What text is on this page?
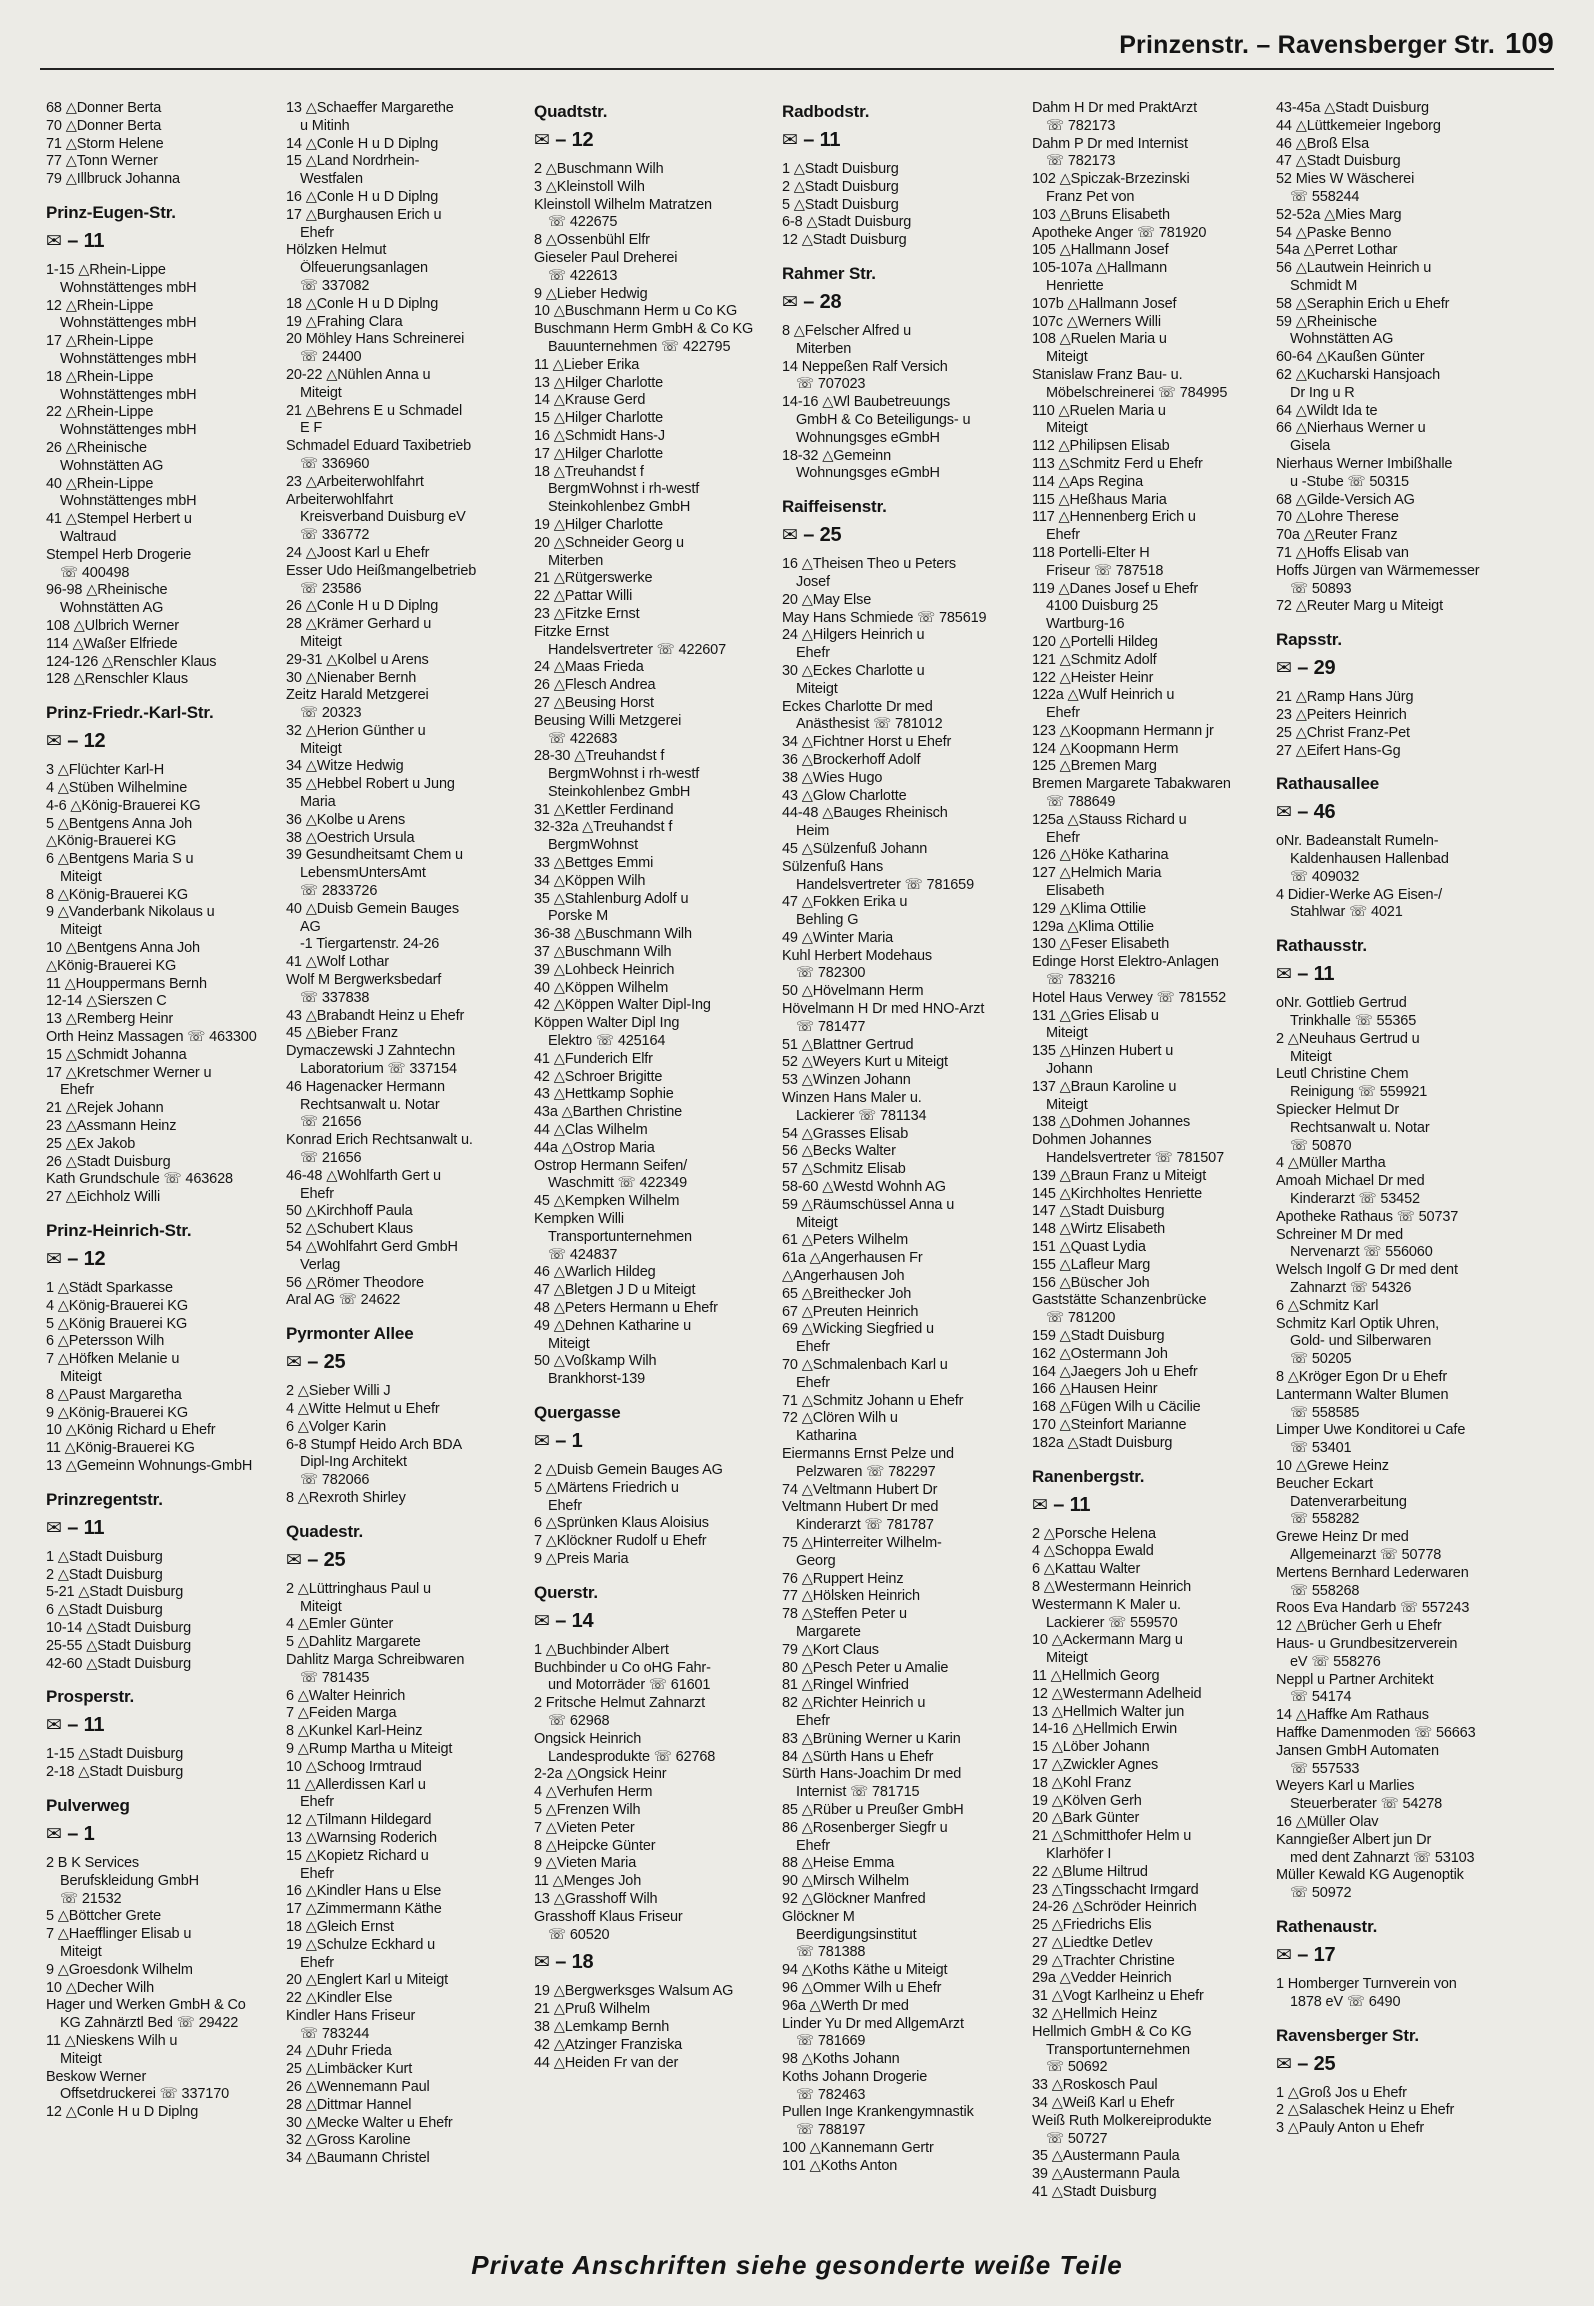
Prinzenstr. – Ravensberger Str. 109
68 △Donner Berta
70 △Donner Berta
71 △Storm Helene
77 △Tonn Werner
79 △Illbruck Johanna
Prinz-Eugen-Str.
✉ – 11
1-15 △Rhein-Lippe
Wohnstättenges mbH
12 △Rhein-Lippe
Wohnstättenges mbH
17 △Rhein-Lippe
Wohnstättenges mbH
18 △Rhein-Lippe
Wohnstättenges mbH
22 △Rhein-Lippe
Wohnstättenges mbH
26 △Rheinische
Wohnstätten AG
40 △Rhein-Lippe
Wohnstättenges mbH
41 △Stempel Herbert u
Waltraud
Stempel Herb Drogerie
☏ 400498
96-98 △Rheinische
Wohnstätten AG
108 △Ulbrich Werner
114 △Waßer Elfriede
124-126 △Renschler Klaus
128 △Renschler Klaus
Prinz-Friedr.-Karl-Str.
✉ – 12
3 △Flüchter Karl-H
4 △Stüben Wilhelmine
4-6 △König-Brauerei KG
5 △Bentgens Anna Joh
△König-Brauerei KG
6 △Bentgens Maria S u
Miteigt
8 △König-Brauerei KG
9 △Vanderbank Nikolaus u
Miteigt
10 △Bentgens Anna Joh
△König-Brauerei KG
11 △Houppermans Bernh
12-14 △Sierszen C
13 △Remberg Heinr
Orth Heinz Massagen ☏ 463300
15 △Schmidt Johanna
17 △Kretschmer Werner u
Ehefr
21 △Rejek Johann
23 △Assmann Heinz
25 △Ex Jakob
26 △Stadt Duisburg
Kath Grundschule ☏ 463628
27 △Eichholz Willi
Prinz-Heinrich-Str.
✉ – 12
1 △Städt Sparkasse
4 △König-Brauerei KG
5 △König Brauerei KG
6 △Petersson Wilh
7 △Höfken Melanie u
Miteigt
8 △Paust Margaretha
9 △König-Brauerei KG
10 △König Richard u Ehefr
11 △König-Brauerei KG
13 △Gemeinn Wohnungs-GmbH
Prinzregentstr.
✉ – 11
1 △Stadt Duisburg
2 △Stadt Duisburg
5-21 △Stadt Duisburg
6 △Stadt Duisburg
10-14 △Stadt Duisburg
25-55 △Stadt Duisburg
42-60 △Stadt Duisburg
Prosperstr.
✉ – 11
1-15 △Stadt Duisburg
2-18 △Stadt Duisburg
Pulverweg
✉ – 1
2 B K Services
Berufskleidung GmbH
☏ 21532
5 △Böttcher Grete
7 △Haefflinger Elisab u
Miteigt
9 △Groesdonk Wilhelm
10 △Decher Wilh
Hager und Werken GmbH & Co
KG Zahnärztl Bed ☏ 29422
11 △Nieskens Wilh u
Miteigt
Beskow Werner
Offsetdruckerei ☏ 337170
12 △Conle H u D Diplng
13 △Schaeffer Margarethe
u Mitinh
14 △Conle H u D Diplng
15 △Land Nordrhein-
Westfalen
16 △Conle H u D Diplng
17 △Burghausen Erich u
Ehefr
Hölzken Helmut
Ölfeuerungsanlagen
☏ 337082
18 △Conle H u D Diplng
19 △Frahing Clara
20 Möhley Hans Schreinerei
☏ 24400
20-22 △Nühlen Anna u
Miteigt
21 △Behrens E u Schmadel
E F
Schmadel Eduard Taxibetrieb
☏ 336960
23 △Arbeiterwohlfahrt
Arbeiterwohlfahrt
Kreisverband Duisburg eV
☏ 336772
24 △Joost Karl u Ehefr
Esser Udo Heißmangelbetrieb
☏ 23586
26 △Conle H u D Diplng
28 △Krämer Gerhard u
Miteigt
29-31 △Kolbel u Arens
30 △Nienaber Bernh
Zeitz Harald Metzgerei
☏ 20323
32 △Herion Günther u
Miteigt
34 △Witze Hedwig
35 △Hebbel Robert u Jung
Maria
36 △Kolbe u Arens
38 △Oestrich Ursula
39 Gesundheitsamt Chem u
LebensmUntersAmt
☏ 2833726
40 △Duisb Gemein Bauges
AG
-1 Tiergartenstr. 24-26
41 △Wolf Lothar
Wolf M Bergwerksbedarf
☏ 337838
43 △Brabandt Heinz u Ehefr
45 △Bieber Franz
Dymaczewski J Zahntechn
Laboratorium ☏ 337154
46 Hagenacker Hermann
Rechtsanwalt u. Notar
☏ 21656
Konrad Erich Rechtsanwalt u.
☏ 21656
46-48 △Wohlfarth Gert u
Ehefr
50 △Kirchhoff Paula
52 △Schubert Klaus
54 △Wohlfahrt Gerd GmbH
Verlag
56 △Römer Theodore
Aral AG ☏ 24622
Pyrmonter Allee
✉ – 25
2 △Sieber Willi J
4 △Witte Helmut u Ehefr
6 △Volger Karin
6-8 Stumpf Heido Arch BDA
Dipl-Ing Architekt
☏ 782066
8 △Rexroth Shirley
Quadestr.
✉ – 25
2 △Lüttringhaus Paul u
Miteigt
4 △Emler Günter
5 △Dahlitz Margarete
Dahlitz Marga Schreibwaren
☏ 781435
6 △Walter Heinrich
7 △Feiden Marga
8 △Kunkel Karl-Heinz
9 △Rump Martha u Miteigt
10 △Schoog Irmtraud
11 △Allerdissen Karl u
Ehefr
12 △Tilmann Hildegard
13 △Warnsing Roderich
15 △Kopietz Richard u
Ehefr
16 △Kindler Hans u Else
17 △Zimmermann Käthe
18 △Gleich Ernst
19 △Schulze Eckhard u
Ehefr
20 △Englert Karl u Miteigt
22 △Kindler Else
Kindler Hans Friseur
☏ 783244
24 △Duhr Frieda
25 △Limbäcker Kurt
26 △Wennemann Paul
28 △Dittmar Hannel
30 △Mecke Walter u Ehefr
32 △Gross Karoline
34 △Baumann Christel
Quadtstr.
✉ – 12
2 △Buschmann Wilh
3 △Kleinstoll Wilh
Kleinstoll Wilhelm Matratzen
☏ 422675
8 △Ossenbühl Elfr
Gieseler Paul Dreherei
☏ 422613
9 △Lieber Hedwig
10 △Buschmann Herm u Co KG
Buschmann Herm GmbH & Co KG
Bauunternehmen ☏ 422795
11 △Lieber Erika
13 △Hilger Charlotte
14 △Krause Gerd
15 △Hilger Charlotte
16 △Schmidt Hans-J
17 △Hilger Charlotte
18 △Treuhandst f
BergmWohnst i rh-westf
Steinkohlenbez GmbH
19 △Hilger Charlotte
20 △Schneider Georg u
Miterben
21 △Rütgerswerke
22 △Pattar Willi
23 △Fitzke Ernst
Fitzke Ernst
Handelsvertreter ☏ 422607
24 △Maas Frieda
26 △Flesch Andrea
27 △Beusing Horst
Beusing Willi Metzgerei
☏ 422683
28-30 △Treuhandst f
BergmWohnst i rh-westf
Steinkohlenbez GmbH
31 △Kettler Ferdinand
32-32a △Treuhandst f
BergmWohnst
33 △Bettges Emmi
34 △Köppen Wilh
35 △Stahlenburg Adolf u
Porske M
36-38 △Buschmann Wilh
37 △Buschmann Wilh
39 △Lohbeck Heinrich
40 △Köppen Wilhelm
42 △Köppen Walter Dipl-Ing
Köppen Walter Dipl Ing
Elektro ☏ 425164
41 △Funderich Elfr
42 △Schroer Brigitte
43 △Hettkamp Sophie
43a △Barthen Christine
44 △Clas Wilhelm
44a △Ostrop Maria
Ostrop Hermann Seifen/
Waschmitt ☏ 422349
45 △Kempken Wilhelm
Kempken Willi
Transportunternehmen
☏ 424837
46 △Warlich Hildeg
47 △Bletgen J D u Miteigt
48 △Peters Hermann u Ehefr
49 △Dehnen Katharine u
Miteigt
50 △Voßkamp Wilh
Brankhorst-139
Quergasse
✉ – 1
2 △Duisb Gemein Bauges AG
5 △Märtens Friedrich u
Ehefr
6 △Sprünken Klaus Aloisius
7 △Klöckner Rudolf u Ehefr
9 △Preis Maria
Querstr.
✉ – 14
1 △Buchbinder Albert
Buchbinder u Co oHG Fahr-
und Motorräder ☏ 61601
2 Fritsche Helmut Zahnarzt
☏ 62968
Ongsick Heinrich
Landesprodukte ☏ 62768
2-2a △Ongsick Heinr
4 △Verhufen Herm
5 △Frenzen Wilh
7 △Vieten Peter
8 △Heipcke Günter
9 △Vieten Maria
11 △Menges Joh
13 △Grasshoff Wilh
Grasshoff Klaus Friseur
☏ 60520
✉ – 18
19 △Bergwerksges Walsum AG
21 △Pruß Wilhelm
38 △Lemkamp Bernh
42 △Atzinger Franziska
44 △Heiden Fr van der
Radbodstr.
✉ – 11
1 △Stadt Duisburg
2 △Stadt Duisburg
5 △Stadt Duisburg
6-8 △Stadt Duisburg
12 △Stadt Duisburg
Rahmer Str.
✉ – 28
8 △Felscher Alfred u
Miterben
14 Neppeßen Ralf Versich
☏ 707023
14-16 △Wl Baubetreuungs
GmbH & Co Beteiligungs- u
Wohnungsges eGmbH
18-32 △Gemeinn
Wohnungsges eGmbH
Raiffeisenstr.
✉ – 25
16 △Theisen Theo u Peters
Josef
20 △May Else
May Hans Schmiede ☏ 785619
24 △Hilgers Heinrich u
Ehefr
30 △Eckes Charlotte u
Miteigt
Eckes Charlotte Dr med
Anästhesist ☏ 781012
34 △Fichtner Horst u Ehefr
36 △Brockerhoff Adolf
38 △Wies Hugo
43 △Glow Charlotte
44-48 △Bauges Rheinisch
Heim
45 △Sülzenfuß Johann
Sülzenfuß Hans
Handelsvertreter ☏ 781659
47 △Fokken Erika u
Behling G
49 △Winter Maria
Kuhl Herbert Modehaus
☏ 782300
50 △Hövelmann Herm
Hövelmann H Dr med HNO-Arzt
☏ 781477
51 △Blattner Gertrud
52 △Weyers Kurt u Miteigt
53 △Winzen Johann
Winzen Hans Maler u.
Lackierer ☏ 781134
54 △Grasses Elisab
56 △Becks Walter
57 △Schmitz Elisab
58-60 △Westd Wohnh AG
59 △Räumschüssel Anna u
Miteigt
61 △Peters Wilhelm
61a △Angerhausen Fr
△Angerhausen Joh
65 △Breithecker Joh
67 △Preuten Heinrich
69 △Wicking Siegfried u
Ehefr
70 △Schmalenbach Karl u
Ehefr
71 △Schmitz Johann u Ehefr
72 △Clören Wilh u
Katharina
Eiermanns Ernst Pelze und
Pelzwaren ☏ 782297
74 △Veltmann Hubert Dr
Veltmann Hubert Dr med
Kinderarzt ☏ 781787
75 △Hinterreiter Wilhelm-
Georg
76 △Ruppert Heinz
77 △Hölsken Heinrich
78 △Steffen Peter u
Margarete
79 △Kort Claus
80 △Pesch Peter u Amalie
81 △Ringel Winfried
82 △Richter Heinrich u
Ehefr
83 △Brüning Werner u Karin
84 △Sürth Hans u Ehefr
Sürth Hans-Joachim Dr med
Internist ☏ 781715
85 △Rüber u Preußer GmbH
86 △Rosenberger Siegfr u
Ehefr
88 △Heise Emma
90 △Mirsch Wilhelm
92 △Glöckner Manfred
Glöckner M
Beerdigungsinstitut
☏ 781388
94 △Koths Käthe u Miteigt
96 △Ommer Wilh u Ehefr
96a △Werth Dr med
Linder Yu Dr med AllgemArzt
☏ 781669
98 △Koths Johann
Koths Johann Drogerie
☏ 782463
Pullen Inge Krankengymnastik
☏ 788197
100 △Kannemann Gertr
101 △Koths Anton
Dahm H Dr med PraktArzt
☏ 782173
Dahm P Dr med Internist
☏ 782173
102 △Spiczak-Brzezinski
Franz Pet von
103 △Bruns Elisabeth
Apotheke Anger ☏ 781920
105 △Hallmann Josef
105-107a △Hallmann
Henriette
107b △Hallmann Josef
107c △Werners Willi
108 △Ruelen Maria u
Miteigt
Stanislaw Franz Bau- u.
Möbelschreinerei ☏ 784995
110 △Ruelen Maria u
Miteigt
112 △Philipsen Elisab
113 △Schmitz Ferd u Ehefr
114 △Aps Regina
115 △Heßhaus Maria
117 △Hennenberg Erich u
Ehefr
118 Portelli-Elter H
Friseur ☏ 787518
119 △Danes Josef u Ehefr
4100 Duisburg 25
Wartburg-16
120 △Portelli Hildeg
121 △Schmitz Adolf
122 △Heister Heinr
122a △Wulf Heinrich u
Ehefr
123 △Koopmann Hermann jr
124 △Koopmann Herm
125 △Bremen Marg
Bremen Margarete Tabakwaren
☏ 788649
125a △Stauss Richard u
Ehefr
126 △Höke Katharina
127 △Helmich Maria
Elisabeth
129 △Klima Ottilie
129a △Klima Ottilie
130 △Feser Elisabeth
Edinge Horst Elektro-Anlagen
☏ 783216
Hotel Haus Verwey ☏ 781552
131 △Gries Elisab u
Miteigt
135 △Hinzen Hubert u
Johann
137 △Braun Karoline u
Miteigt
138 △Dohmen Johannes
Dohmen Johannes
Handelsvertreter ☏ 781507
139 △Braun Franz u Miteigt
145 △Kirchholtes Henriette
147 △Stadt Duisburg
148 △Wirtz Elisabeth
151 △Quast Lydia
155 △Lafleur Marg
156 △Büscher Joh
Gaststätte Schanzenbrücke
☏ 781200
159 △Stadt Duisburg
162 △Ostermann Joh
164 △Jaegers Joh u Ehefr
166 △Hausen Heinr
168 △Fügen Wilh u Cäcilie
170 △Steinfort Marianne
182a △Stadt Duisburg
Ranenbergstr.
✉ – 11
2 △Porsche Helena
4 △Schoppa Ewald
6 △Kattau Walter
8 △Westermann Heinrich
Westermann K Maler u.
Lackierer ☏ 559570
10 △Ackermann Marg u
Miteigt
11 △Hellmich Georg
12 △Westermann Adelheid
13 △Hellmich Walter jun
14-16 △Hellmich Erwin
15 △Löber Johann
17 △Zwickler Agnes
18 △Kohl Franz
19 △Kölven Gerh
20 △Bark Günter
21 △Schmitthofer Helm u
Klarhöfer I
22 △Blume Hiltrud
23 △Tingsschacht Irmgard
24-26 △Schröder Heinrich
25 △Friedrichs Elis
27 △Liedtke Detlev
29 △Trachter Christine
29a △Vedder Heinrich
31 △Vogt Karlheinz u Ehefr
32 △Hellmich Heinz
Hellmich GmbH & Co KG
Transportunternehmen
☏ 50692
33 △Roskosch Paul
34 △Weiß Karl u Ehefr
Weiß Ruth Molkereiprodukte
☏ 50727
35 △Austermann Paula
39 △Austermann Paula
41 △Stadt Duisburg
43-45a △Stadt Duisburg
44 △Lüttkemeier Ingeborg
46 △Broß Elsa
47 △Stadt Duisburg
52 Mies W Wäscherei
☏ 558244
52-52a △Mies Marg
54 △Paske Benno
54a △Perret Lothar
56 △Lautwein Heinrich u
Schmidt M
58 △Seraphin Erich u Ehefr
59 △Rheinische
Wohnstätten AG
60-64 △Kaußen Günter
62 △Kucharski Hansjoach
Dr Ing u R
64 △Wildt Ida te
66 △Nierhaus Werner u
Gisela
Nierhaus Werner Imbißhalle
u -Stube ☏ 50315
68 △Gilde-Versich AG
70 △Lohre Therese
70a △Reuter Franz
71 △Hoffs Elisab van
Hoffs Jürgen van Wärmemesser
☏ 50893
72 △Reuter Marg u Miteigt
Rapsstr.
✉ – 29
21 △Ramp Hans Jürg
23 △Peiters Heinrich
25 △Christ Franz-Pet
27 △Eifert Hans-Gg
Rathausallee
✉ – 46
oNr. Badeanstalt Rumeln-
Kaldenhausen Hallenbad
☏ 409032
4 Didier-Werke AG Eisen-/
Stahlwar ☏ 4021
Rathausstr.
✉ – 11
oNr. Gottlieb Gertrud
Trinkhalle ☏ 55365
2 △Neuhaus Gertrud u
Miteigt
Leutl Christine Chem
Reinigung ☏ 559921
Spiecker Helmut Dr
Rechtsanwalt u. Notar
☏ 50870
4 △Müller Martha
Amoah Michael Dr med
Kinderarzt ☏ 53452
Apotheke Rathaus ☏ 50737
Schreiner M Dr med
Nervenarzt ☏ 556060
Welsch Ingolf G Dr med dent
Zahnarzt ☏ 54326
6 △Schmitz Karl
Schmitz Karl Optik Uhren,
Gold- und Silberwaren
☏ 50205
8 △Kröger Egon Dr u Ehefr
Lantermann Walter Blumen
☏ 558585
Limper Uwe Konditorei u Cafe
☏ 53401
10 △Grewe Heinz
Beucher Eckart
Datenverarbeitung
☏ 558282
Grewe Heinz Dr med
Allgemeinarzt ☏ 50778
Mertens Bernhard Lederwaren
☏ 558268
Roos Eva Handarb ☏ 557243
12 △Brücher Gerh u Ehefr
Haus- u Grundbesitzerverein
eV ☏ 558276
Neppl u Partner Architekt
☏ 54174
14 △Haffke Am Rathaus
Haffke Damenmoden ☏ 56663
Jansen GmbH Automaten
☏ 557533
Weyers Karl u Marlies
Steuerberater ☏ 54278
16 △Müller Olav
Kanngießer Albert jun Dr
med dent Zahnarzt ☏ 53103
Müller Kewald KG Augenoptik
☏ 50972
Rathenaustr.
✉ – 17
1 Homberger Turnverein von
1878 eV ☏ 6490
Ravensberger Str.
✉ – 25
1 △Groß Jos u Ehefr
2 △Salaschek Heinz u Ehefr
3 △Pauly Anton u Ehefr
Private Anschriften siehe gesonderte weiße Teile
